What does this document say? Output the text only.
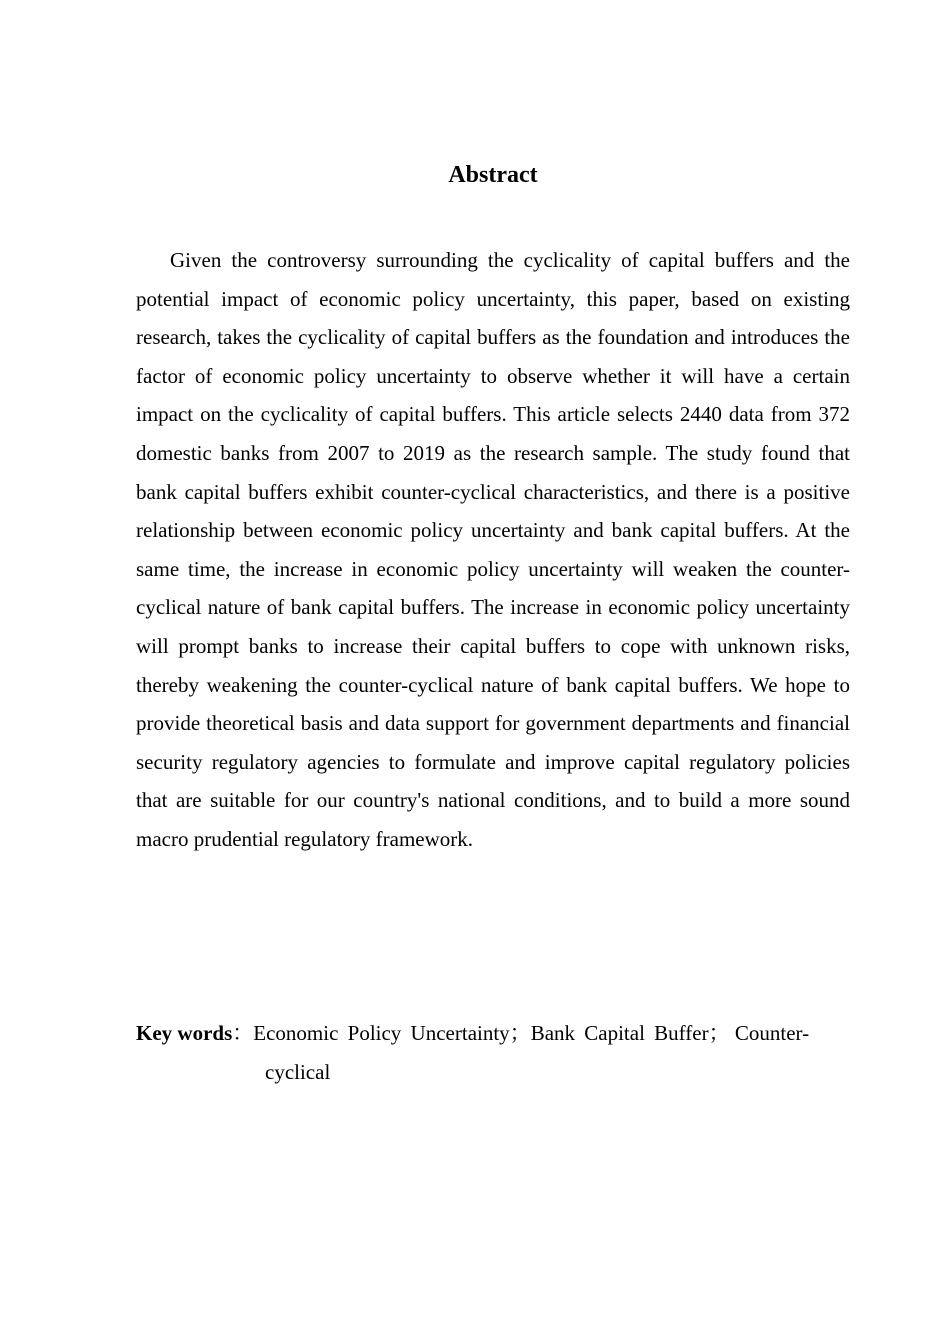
Abstract

Given the controversy surrounding the cyclicality of capital buffers and the potential impact of economic policy uncertainty, this paper, based on existing research, takes the cyclicality of capital buffers as the foundation and introduces the factor of economic policy uncertainty to observe whether it will have a certain impact on the cyclicality of capital buffers. This article selects 2440 data from 372 domestic banks from 2007 to 2019 as the research sample. The study found that bank capital buffers exhibit counter-cyclical characteristics, and there is a positive relationship between economic policy uncertainty and bank capital buffers. At the same time, the increase in economic policy uncertainty will weaken the counter-cyclical nature of bank capital buffers. The increase in economic policy uncertainty will prompt banks to increase their capital buffers to cope with unknown risks, thereby weakening the counter-cyclical nature of bank capital buffers. We hope to provide theoretical basis and data support for government departments and financial security regulatory agencies to formulate and improve capital regulatory policies that are suitable for our country's national conditions, and to build a more sound macro prudential regulatory framework.

Key words：Economic Policy Uncertainty；Bank Capital Buffer； Counter-cyclical
